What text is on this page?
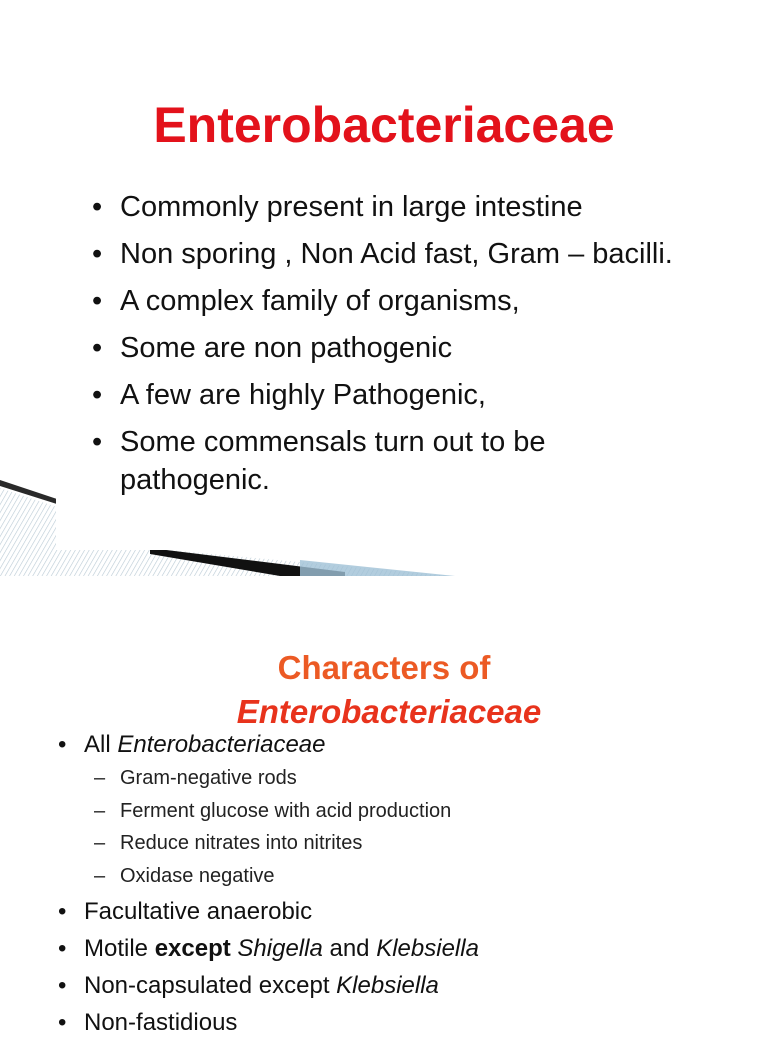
Enterobacteriaceae
• Commonly present in large intestine
• Non sporing , Non Acid fast, Gram – bacilli.
• A complex family of organisms,
• Some are non pathogenic
• A few are highly Pathogenic,
• Some commensals turn out to be pathogenic.
Characters of
Enterobacteriaceae
• All Enterobacteriaceae
– Gram-negative rods
– Ferment glucose with acid production
– Reduce nitrates into nitrites
– Oxidase negative
• Facultative anaerobic
• Motile except Shigella and Klebsiella
• Non-capsulated except Klebsiella
• Non-fastidious
